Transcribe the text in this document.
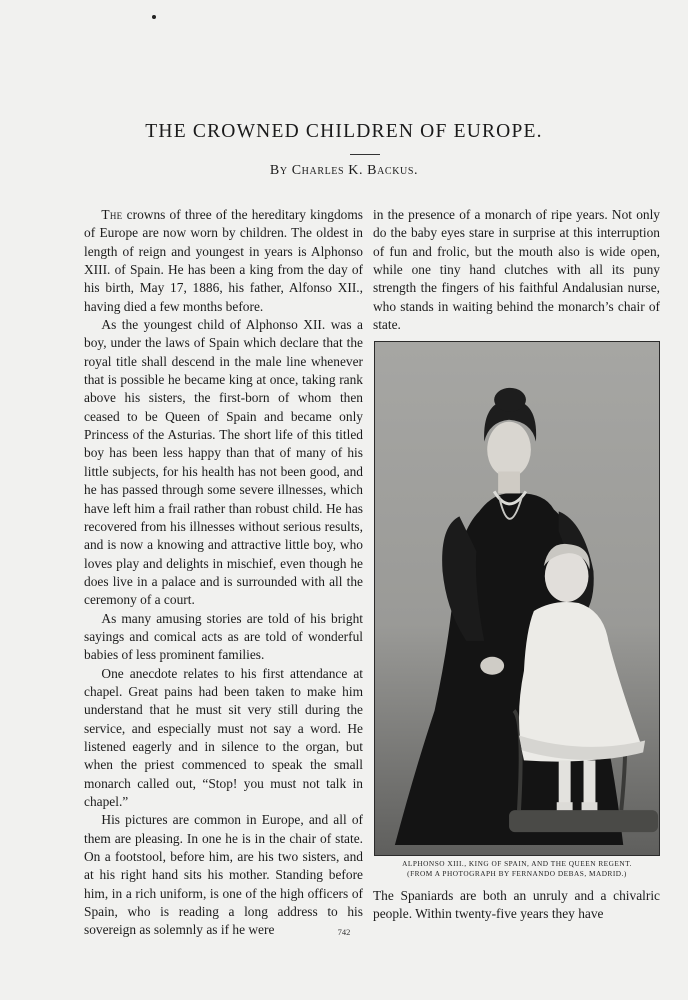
THE CROWNED CHILDREN OF EUROPE.
By Charles K. Backus.

The crowns of three of the hereditary kingdoms of Europe are now worn by children. The oldest in length of reign and youngest in years is Alphonso XIII. of Spain. He has been a king from the day of his birth, May 17, 1886, his father, Alfonso XII., having died a few months before.

As the youngest child of Alphonso XII. was a boy, under the laws of Spain which declare that the royal title shall descend in the male line whenever that is possible he became king at once, taking rank above his sisters, the first-born of whom then ceased to be Queen of Spain and became only Princess of the Asturias. The short life of this titled boy has been less happy than that of many of his little subjects, for his health has not been good, and he has passed through some severe illnesses, which have left him a frail rather than robust child. He has recovered from his illnesses without serious results, and is now a knowing and attractive little boy, who loves play and delights in mischief, even though he does live in a palace and is surrounded with all the ceremony of a court.

As many amusing stories are told of his bright sayings and comical acts as are told of wonderful babies of less prominent families.

One anecdote relates to his first attendance at chapel. Great pains had been taken to make him understand that he must sit very still during the service, and especially must not say a word. He listened eagerly and in silence to the organ, but when the priest commenced to speak the small monarch called out, “Stop! you must not talk in chapel.”

His pictures are common in Europe, and all of them are pleasing. In one he is in the chair of state. On a footstool, before him, are his two sisters, and at his right hand sits his mother. Standing before him, in a rich uniform, is one of the high officers of Spain, who is reading a long address to his sovereign as solemnly as if he were

in the presence of a monarch of ripe years. Not only do the baby eyes stare in surprise at this interruption of fun and frolic, but the mouth also is wide open, while one tiny hand clutches with all its puny strength the fingers of his faithful Andalusian nurse, who stands in waiting behind the monarch’s chair of state.

ALPHONSO XIII., KING OF SPAIN, AND THE QUEEN REGENT.
(FROM A PHOTOGRAPH BY FERNANDO DEBAS, MADRID.)

The Spaniards are both an unruly and a chivalric people. Within twenty-five years they have

742
